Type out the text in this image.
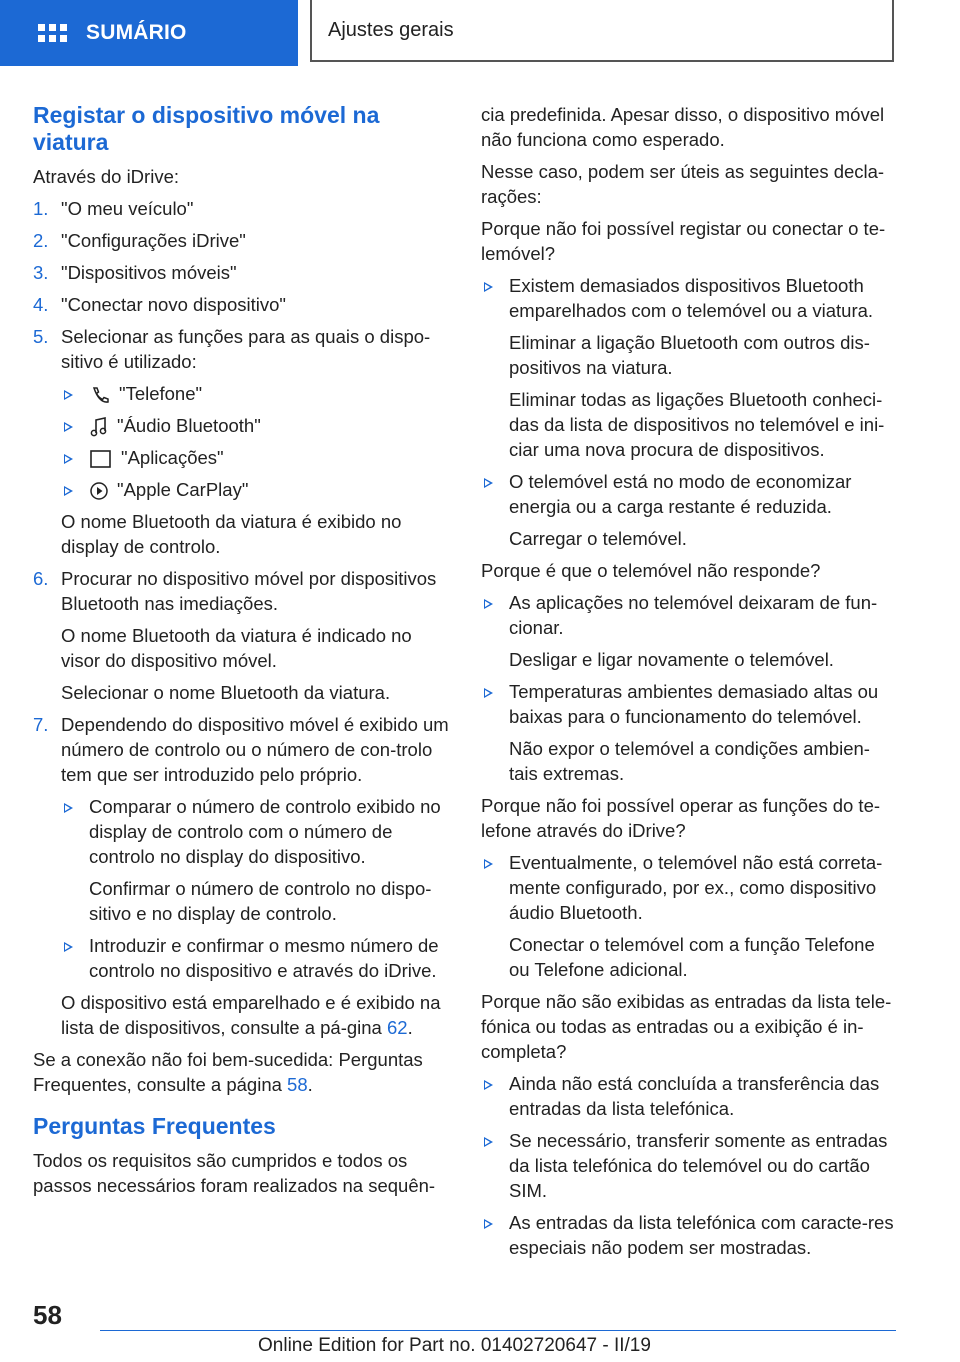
SUMÁRIO	Ajustes gerais
Registar o dispositivo móvel na viatura

Através do iDrive:

1. "O meu veículo"
2. "Configurações iDrive"
3. "Dispositivos móveis"
4. "Conectar novo dispositivo"
5. Selecionar as funções para as quais o dispo-sitivo é utilizado:
"Telefone"
"Áudio Bluetooth"
"Aplicações"
"Apple CarPlay"

O nome Bluetooth da viatura é exibido no display de controlo.

6. Procurar no dispositivo móvel por dispositivos Bluetooth nas imediações.

O nome Bluetooth da viatura é indicado no visor do dispositivo móvel.

Selecionar o nome Bluetooth da viatura.

7. Dependendo do dispositivo móvel é exibido um número de controlo ou o número de con-trolo tem que ser introduzido pelo próprio.
Comparar o número de controlo exibido no display de controlo com o número de controlo no display do dispositivo.

Confirmar o número de controlo no dispo-sitivo e no display de controlo.

Introduzir e confirmar o mesmo número de controlo no dispositivo e através do iDrive.

O dispositivo está emparelhado e é exibido na lista de dispositivos, consulte a pá-gina 62.

Se a conexão não foi bem-sucedida: Perguntas Frequentes, consulte a página 58.

Perguntas Frequentes

Todos os requisitos são cumpridos e todos os passos necessários foram realizados na sequên-

cia predefinida. Apesar disso, o dispositivo móvel não funciona como esperado.

Nesse caso, podem ser úteis as seguintes decla-rações:

Porque não foi possível registar ou conectar o te-lemóvel?

Existem demasiados dispositivos Bluetooth emparelhados com o telemóvel ou a viatura.

Eliminar a ligação Bluetooth com outros dis-positivos na viatura.

Eliminar todas as ligações Bluetooth conheci-das da lista de dispositivos no telemóvel e ini-ciar uma nova procura de dispositivos.

O telemóvel está no modo de economizar energia ou a carga restante é reduzida.

Carregar o telemóvel.

Porque é que o telemóvel não responde?

As aplicações no telemóvel deixaram de fun-cionar.

Desligar e ligar novamente o telemóvel.

Temperaturas ambientes demasiado altas ou baixas para o funcionamento do telemóvel.

Não expor o telemóvel a condições ambien-tais extremas.

Porque não foi possível operar as funções do te-lefone através do iDrive?

Eventualmente, o telemóvel não está correta-mente configurado, por ex., como dispositivo áudio Bluetooth.

Conectar o telemóvel com a função Telefone ou Telefone adicional.

Porque não são exibidas as entradas da lista tele-fónica ou todas as entradas ou a exibição é in-completa?

Ainda não está concluída a transferência das entradas da lista telefónica.
Se necessário, transferir somente as entradas da lista telefónica do telemóvel ou do cartão SIM.
As entradas da lista telefónica com caracte-res especiais não podem ser mostradas.
58
Online Edition for Part no. 01402720647 - II/19
